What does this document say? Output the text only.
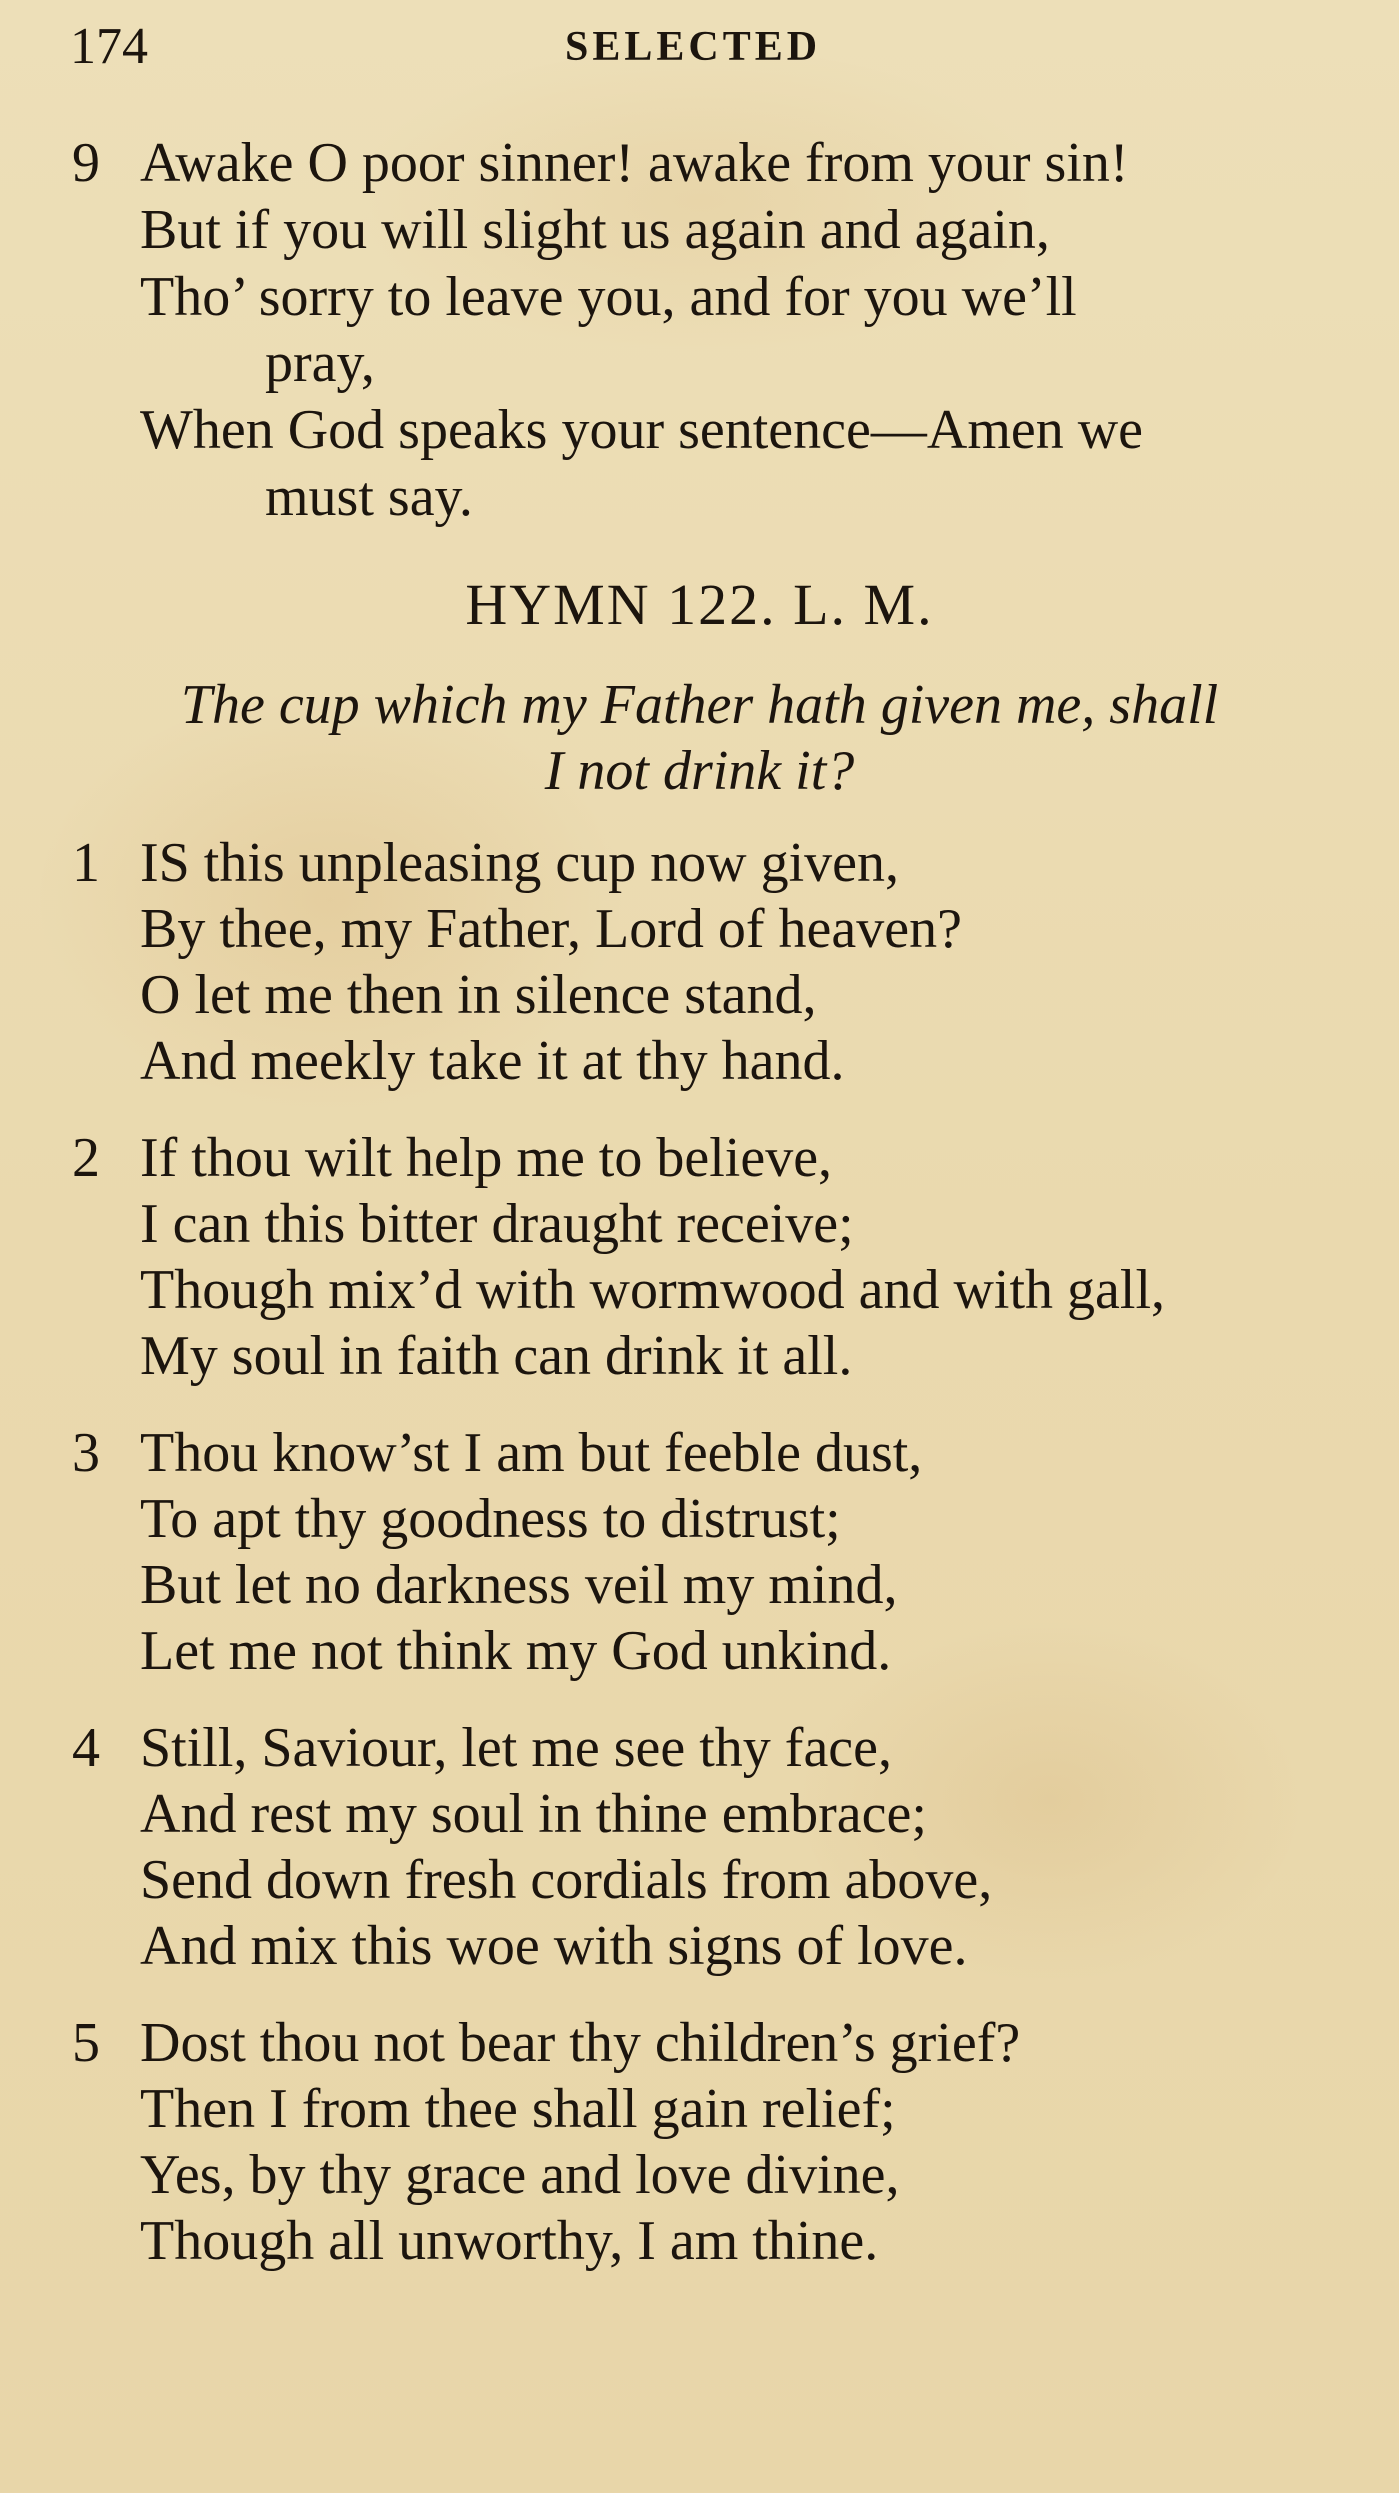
174	SELECTED
9 Awake O poor sinner! awake from your sin!
But if you will slight us again and again,
Tho’ sorry to leave you, and for you we’ll
pray,
When God speaks your sentence—Amen we
must say.
HYMN 122. L. M.
The cup which my Father hath given me, shall
I not drink it?
1 IS this unpleasing cup now given,
By thee, my Father, Lord of heaven?
O let me then in silence stand,
And meekly take it at thy hand.
2 If thou wilt help me to believe,
I can this bitter draught receive;
Though mix’d with wormwood and with gall,
My soul in faith can drink it all.
3 Thou know’st I am but feeble dust,
To apt thy goodness to distrust;
But let no darkness veil my mind,
Let me not think my God unkind.
4 Still, Saviour, let me see thy face,
And rest my soul in thine embrace;
Send down fresh cordials from above,
And mix this woe with signs of love.
5 Dost thou not bear thy children’s grief?
Then I from thee shall gain relief;
Yes, by thy grace and love divine,
Though all unworthy, I am thine.
